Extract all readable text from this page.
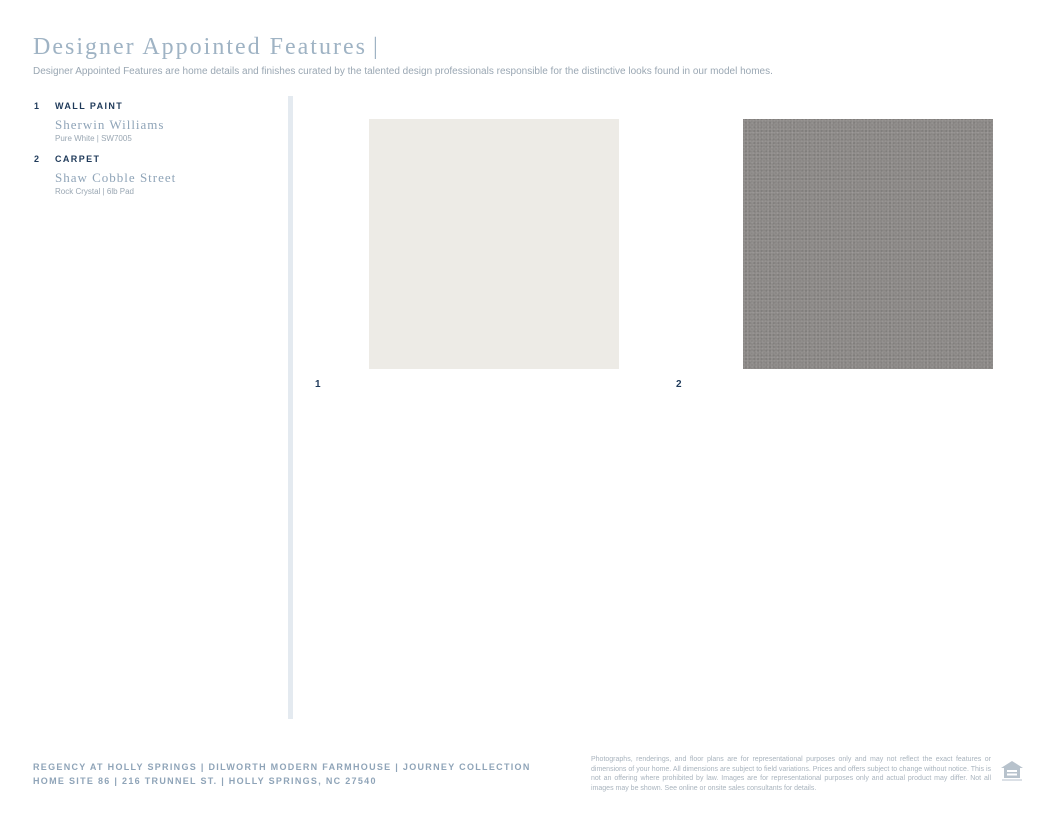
Designer Appointed Features |
Designer Appointed Features are home details and finishes curated by the talented design professionals responsible for the distinctive looks found in our model homes.
1	WALL PAINT
Sherwin Williams
Pure White | SW7005
2	CARPET
Shaw Cobble Street
Rock Crystal | 6lb Pad
1	2
REGENCY AT HOLLY SPRINGS | DILWORTH MODERN FARMHOUSE | JOURNEY COLLECTION
HOME SITE 86 | 216 TRUNNEL ST. | HOLLY SPRINGS, NC 27540
Photographs, renderings, and floor plans are for representational purposes only and may not reflect the exact features or dimensions of your home. All dimensions are subject to field variations. Prices and offers subject to change without notice. This is not an offering where prohibited by law. Images are for representational purposes only and actual product may differ. Not all images may be shown. See online or onsite sales consultants for details.
